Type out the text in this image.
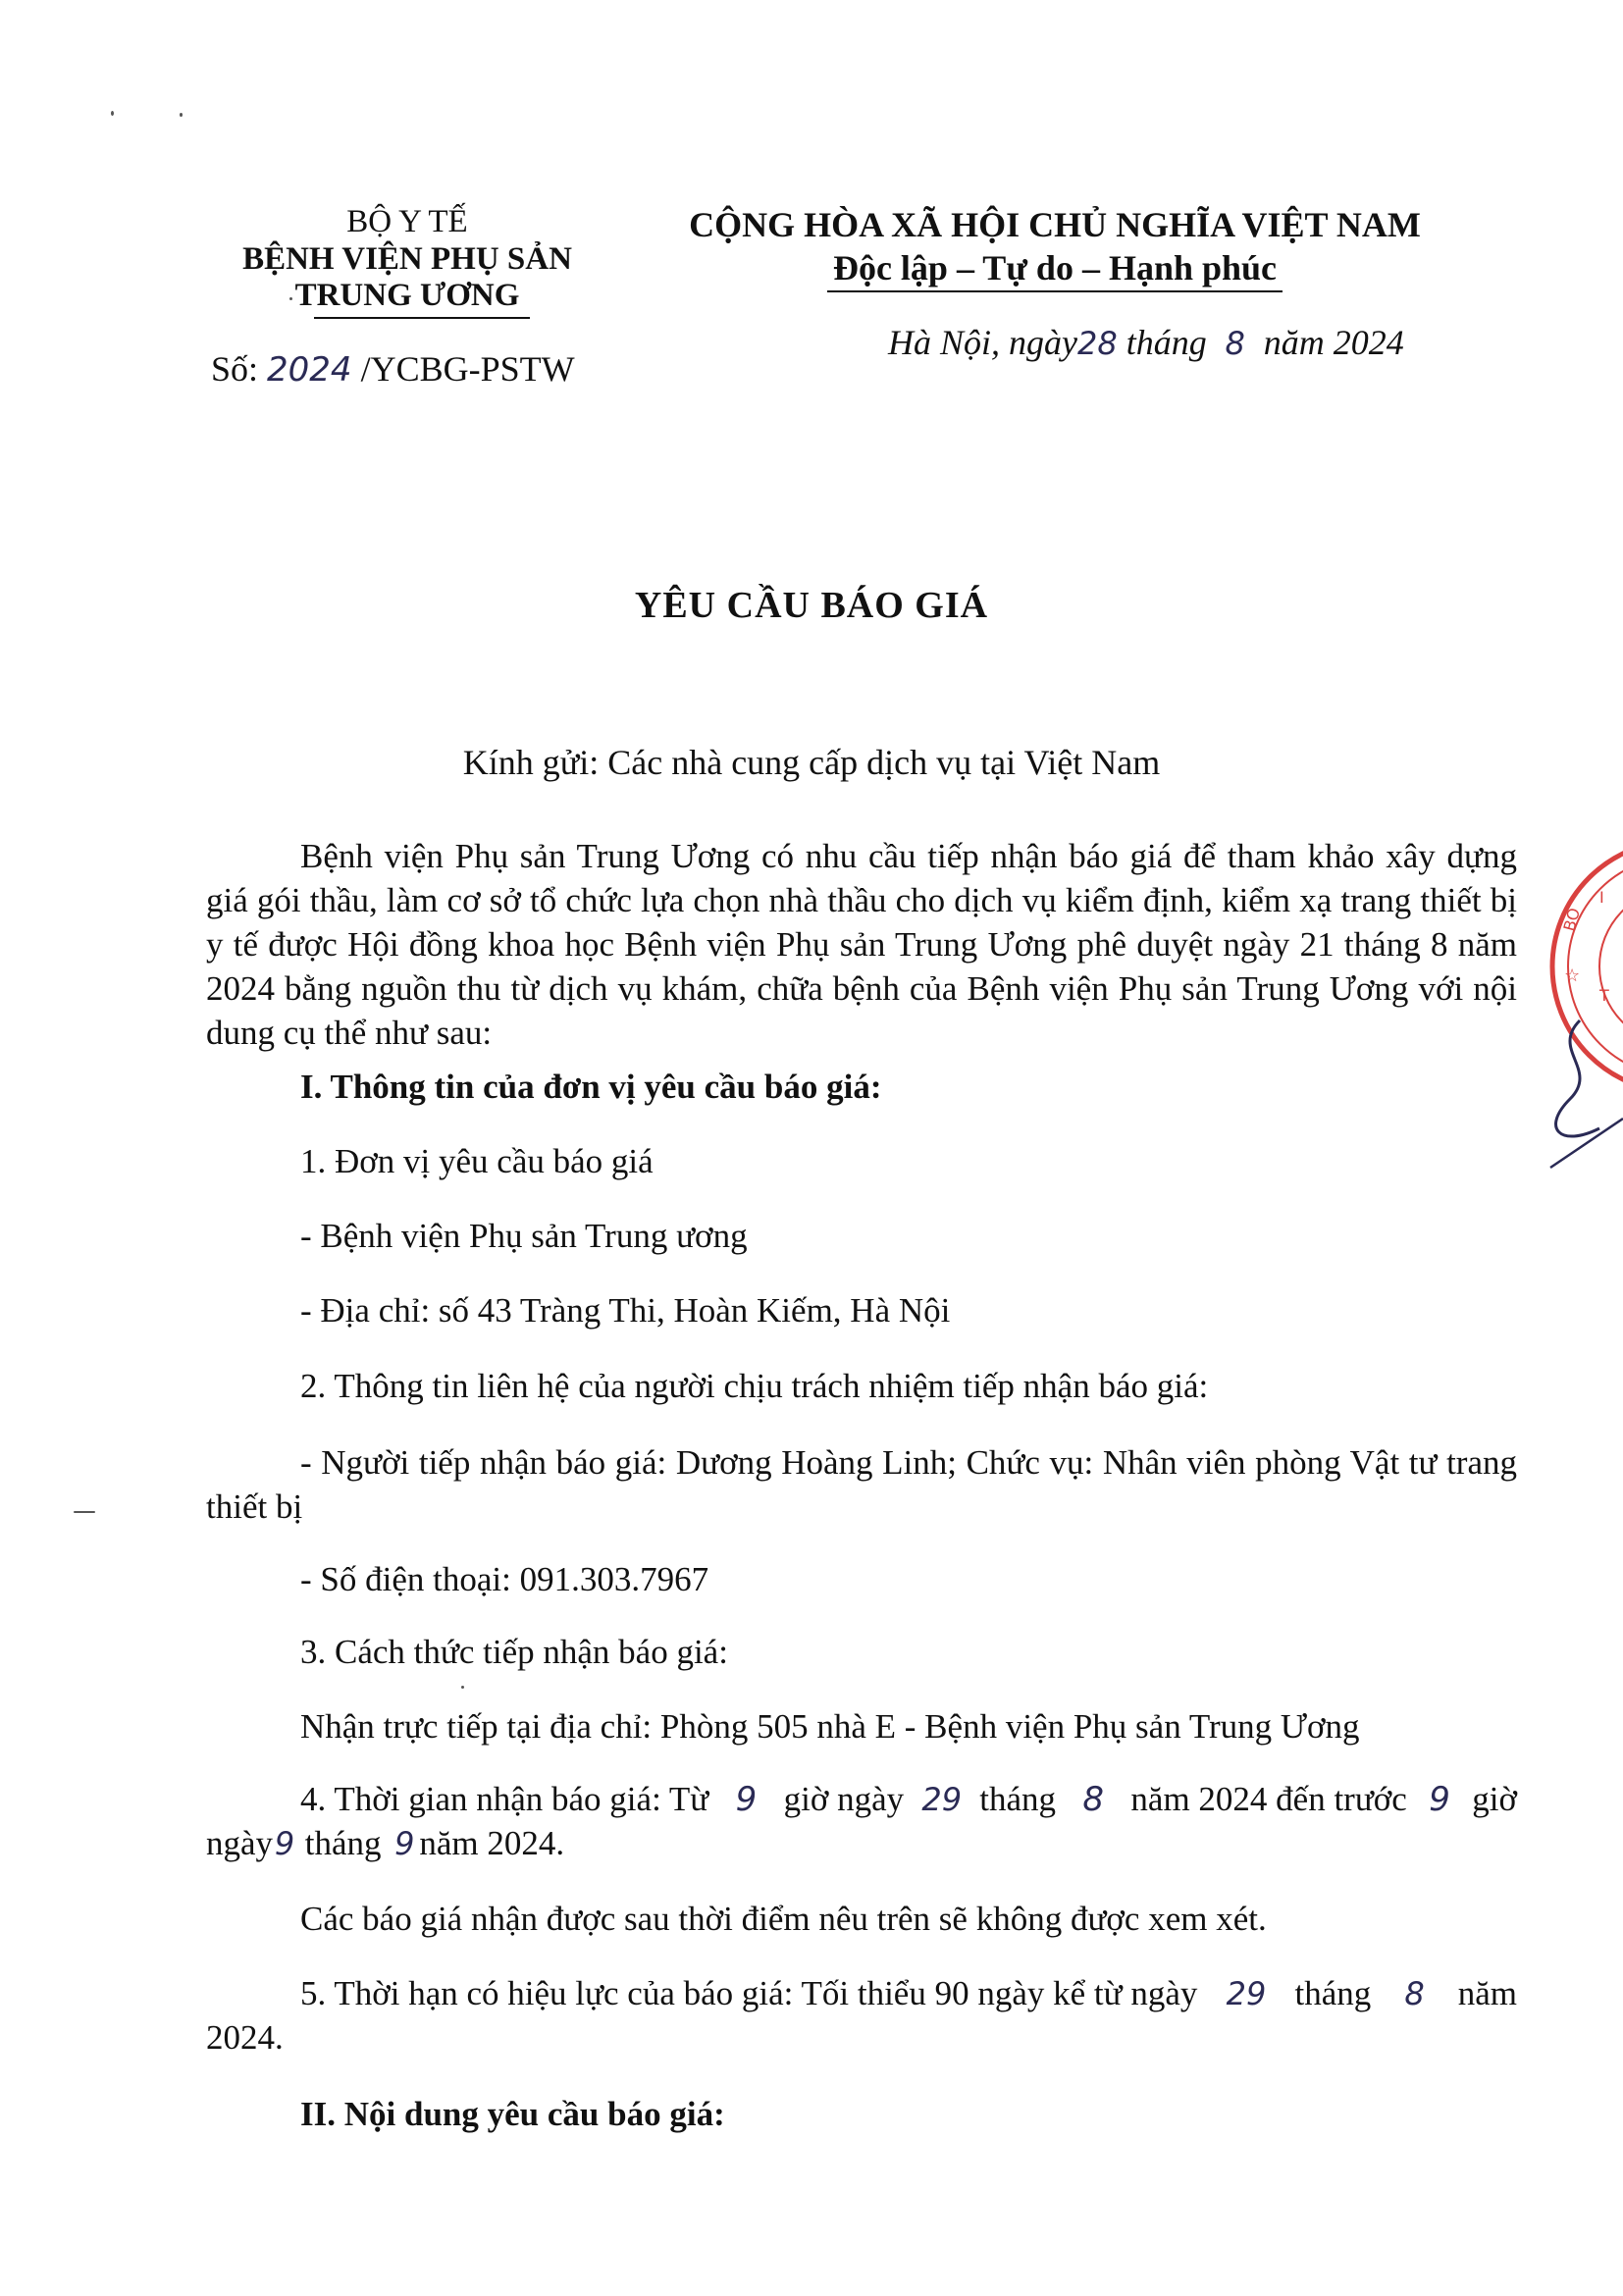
BỘ Y TẾ
BỆNH VIỆN PHỤ SẢN
TRUNG ƯƠNG
Số: 2024 /YCBG-PSTW
CỘNG HÒA XÃ HỘI CHỦ NGHĨA VIỆT NAM
Độc lập – Tự do – Hạnh phúc
Hà Nội, ngày28 tháng 8 năm 2024
YÊU CẦU BÁO GIÁ
Kính gửi: Các nhà cung cấp dịch vụ tại Việt Nam
Bệnh viện Phụ sản Trung Ương có nhu cầu tiếp nhận báo giá để tham khảo xây dựng giá gói thầu, làm cơ sở tổ chức lựa chọn nhà thầu cho dịch vụ kiểm định, kiểm xạ trang thiết bị y tế được Hội đồng khoa học Bệnh viện Phụ sản Trung Ương phê duyệt ngày 21 tháng 8 năm 2024 bằng nguồn thu từ dịch vụ khám, chữa bệnh của Bệnh viện Phụ sản Trung Ương với nội dung cụ thể như sau:
I. Thông tin của đơn vị yêu cầu báo giá:
1. Đơn vị yêu cầu báo giá
- Bệnh viện Phụ sản Trung ương
- Địa chỉ: số 43 Tràng Thi, Hoàn Kiếm, Hà Nội
2. Thông tin liên hệ của người chịu trách nhiệm tiếp nhận báo giá:
- Người tiếp nhận báo giá: Dương Hoàng Linh; Chức vụ: Nhân viên phòng Vật tư trang thiết bị
- Số điện thoại: 091.303.7967
3. Cách thức tiếp nhận báo giá:
Nhận trực tiếp tại địa chỉ: Phòng 505 nhà E - Bệnh viện Phụ sản Trung Ương
4. Thời gian nhận báo giá: Từ 9 giờ ngày 29 tháng 8 năm 2024 đến trước 9 giờ
ngày9 tháng 9 năm 2024.
Các báo giá nhận được sau thời điểm nêu trên sẽ không được xem xét.
5. Thời hạn có hiệu lực của báo giá: Tối thiểu 90 ngày kể từ ngày 29 tháng 8 năm
2024.
II. Nội dung yêu cầu báo giá:
BỘ
I
T
☆
